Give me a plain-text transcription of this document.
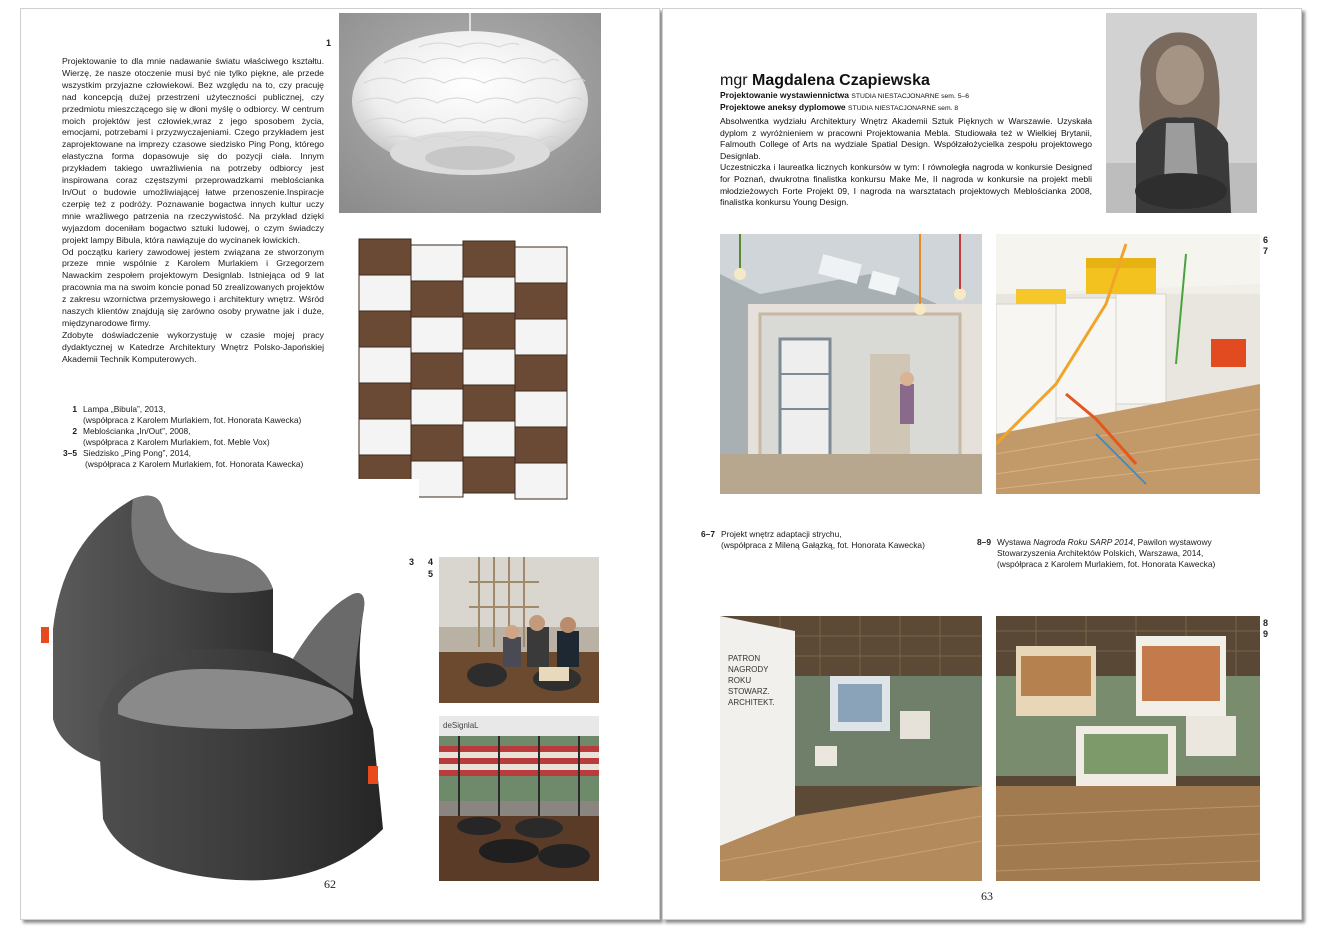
Projektowanie to dla mnie nadawanie światu właściwego kształtu. Wierzę, że nasze otoczenie musi być nie tylko piękne, ale przede wszystkim przyjazne człowiekowi. Bez względu na to, czy pracuję nad koncepcją dużej przestrzeni użyteczności publicznej, czy przedmiotu mieszczącego się w dłoni myślę o odbiorcy. W centrum moich projektów jest człowiek,wraz z jego sposobem życia, emocjami, potrzebami i przyzwyczajeniami. Czego przykładem jest zaprojektowane na imprezy czasowe siedzisko Ping Pong, którego elastyczna forma dopasowuje się do pozycji ciała. Innym przykładem takiego uwrażliwienia na potrzeby odbiorcy jest inspirowana coraz częstszymi przeprowadzkami meblościanka In/Out o budowie umożliwiającej łatwe przenoszenie.Inspiracje czerpię też z podróży. Poznawanie bogactwa innych kultur uczy mnie wrażliwego patrzenia na rzeczywistość. Na przykład dzięki wyjazdom doceniłam bogactwo sztuki ludowej, o czym świadczy projekt lampy Bibula, która nawiązuje do wycinanek łowickich.

Od początku kariery zawodowej jestem związana ze stworzonym przeze mnie wspólnie z Karolem Murlakiem i Grzegorzem Nawackim zespołem projektowym Designlab. Istniejąca od 9 lat pracownia ma na swoim koncie ponad 50 zrealizowanych projektów z zakresu wzornictwa przemysłowego i architektury wnętrz. Wśród naszych klientów znajdują się zarówno osoby prywatne jak i duże, międzynarodowe firmy.

Zdobyte doświadczenie wykorzystuję w czasie mojej pracy dydaktycznej w Katedrze Architektury Wnętrz Polsko-Japońskiej Akademii Technik Komputerowych.

1 Lampa „Bibula”, 2013,
(współpraca z Karolem Murlakiem, fot. Honorata Kawecka)
2 Meblościanka „In/Out”, 2008,
(współpraca z Karolem Murlakiem, fot. Meble Vox)
3–5 Siedzisko „Ping Pong”, 2014,
(współpraca z Karolem Murlakiem, fot. Honorata Kawecka)
1
3 4
5
deSignlaL
62
mgr Magdalena Czapiewska
Projektowanie wystawiennictwa STUDIA NIESTACJONARNE sem. 5–6
Projektowe aneksy dyplomowe STUDIA NIESTACJONARNE sem. 8

Absolwentka wydziału Architektury Wnętrz Akademii Sztuk Pięknych w Warszawie. Uzyskała dyplom z wyróżnieniem w pracowni Projektowania Mebla. Studiowała też w Wielkiej Brytanii, Falmouth College of Arts na wydziale Spatial Design. Współzałożycielka zespołu projektowego Designlab.

Uczestniczka i laureatka licznych konkursów w tym: I równoległa nagroda w konkursie Designed for Poznań, dwukrotna finalistka konkursu Make Me, II nagroda w konkursie na projekt mebli młodzieżowych Forte Projekt 09, I nagroda na warsztatach projektowych Meblościanka 2008, finalistka konkursu Young Design.

6
7
6–7 Projekt wnętrz adaptacji strychu,
(współpraca z Mileną Gałązką, fot. Honorata Kawecka)	8–9 Wystawa Nagroda Roku SARP 2014, Pawilon wystawowy
Stowarzyszenia Architektów Polskich, Warszawa, 2014,
(współpraca z Karolem Murlakiem, fot. Honorata Kawecka)
PATRON NAGRODY ROKU STOWARZ. ARCHITEKT.
8
9
63
